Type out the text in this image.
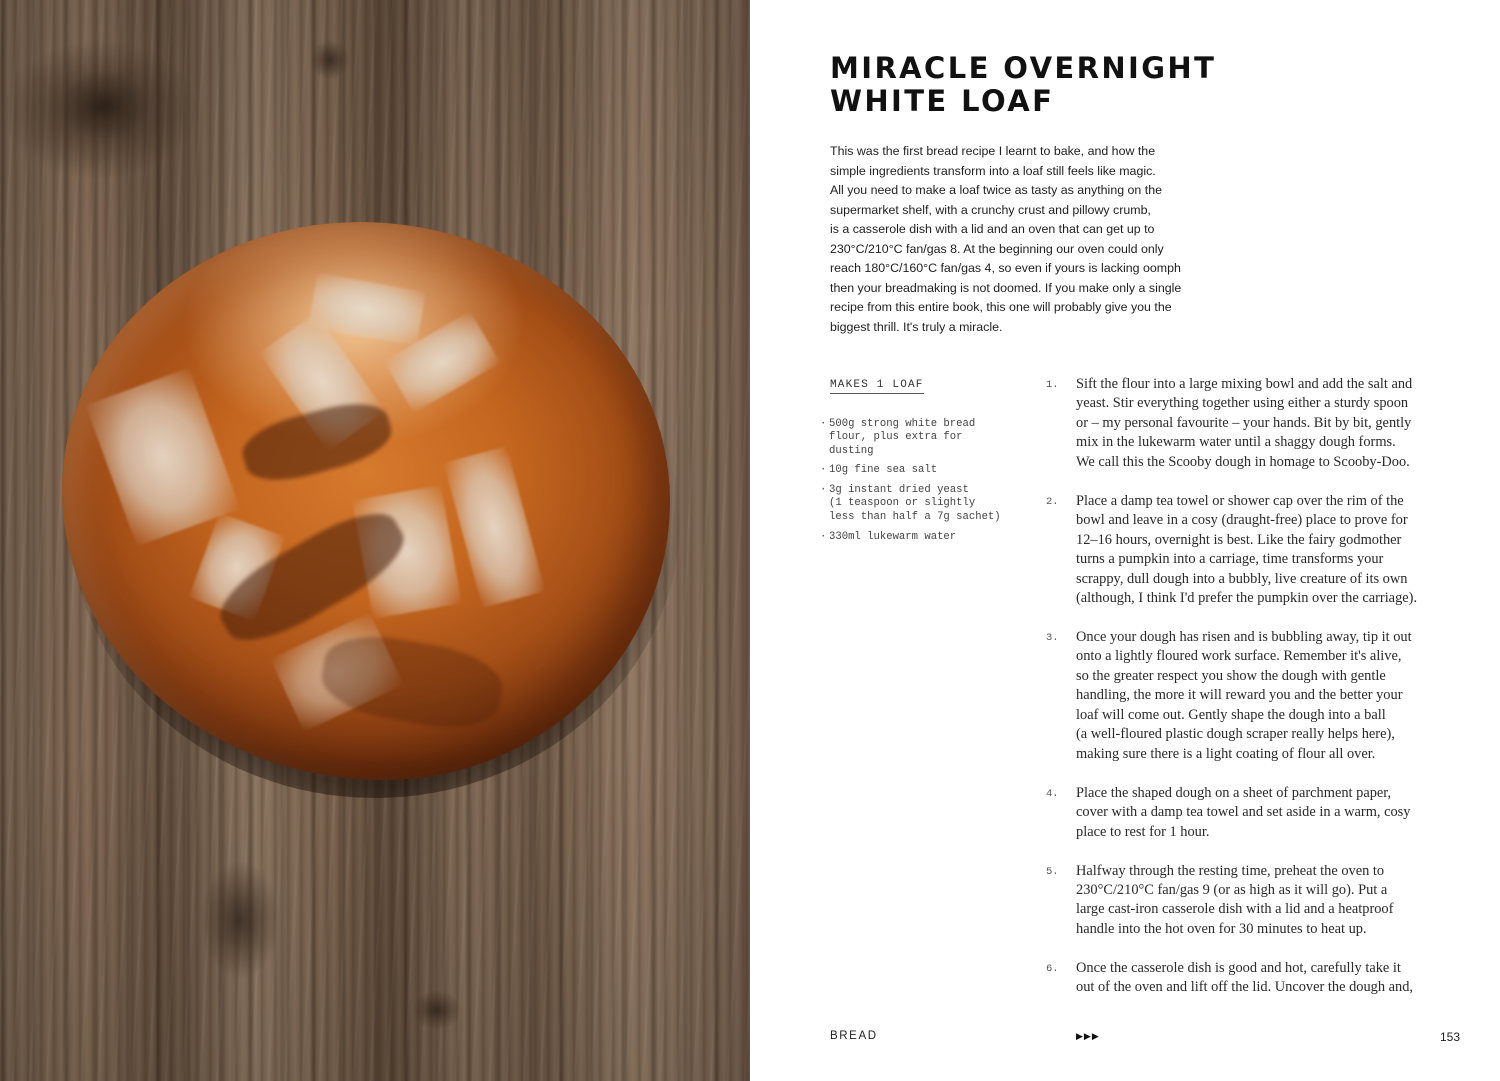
MIRACLE OVERNIGHT
WHITE LOAF

This was the first bread recipe I learnt to bake, and how the
simple ingredients transform into a loaf still feels like magic.
All you need to make a loaf twice as tasty as anything on the
supermarket shelf, with a crunchy crust and pillowy crumb,
is a casserole dish with a lid and an oven that can get up to
230°C/210°C fan/gas 8. At the beginning our oven could only
reach 180°C/160°C fan/gas 4, so even if yours is lacking oomph
then your breadmaking is not doomed. If you make only a single
recipe from this entire book, this one will probably give you the
biggest thrill. It's truly a miracle.

MAKES 1 LOAF
· 500g strong white bread
flour, plus extra for
dusting
· 10g fine sea salt
· 3g instant dried yeast
(1 teaspoon or slightly
less than half a 7g sachet)
· 330ml lukewarm water
1. Sift the flour into a large mixing bowl and add the salt and
yeast. Stir everything together using either a sturdy spoon
or – my personal favourite – your hands. Bit by bit, gently
mix in the lukewarm water until a shaggy dough forms.
We call this the Scooby dough in homage to Scooby-Doo.
2. Place a damp tea towel or shower cap over the rim of the
bowl and leave in a cosy (draught-free) place to prove for
12–16 hours, overnight is best. Like the fairy godmother
turns a pumpkin into a carriage, time transforms your
scrappy, dull dough into a bubbly, live creature of its own
(although, I think I'd prefer the pumpkin over the carriage).
3. Once your dough has risen and is bubbling away, tip it out
onto a lightly floured work surface. Remember it's alive,
so the greater respect you show the dough with gentle
handling, the more it will reward you and the better your
loaf will come out. Gently shape the dough into a ball
(a well-floured plastic dough scraper really helps here),
making sure there is a light coating of flour all over.
4. Place the shaped dough on a sheet of parchment paper,
cover with a damp tea towel and set aside in a warm, cosy
place to rest for 1 hour.
5. Halfway through the resting time, preheat the oven to
230°C/210°C fan/gas 9 (or as high as it will go). Put a
large cast-iron casserole dish with a lid and a heatproof
handle into the hot oven for 30 minutes to heat up.
6. Once the casserole dish is good and hot, carefully take it
out of the oven and lift off the lid. Uncover the dough and,
BREAD	▶▶▶	153
